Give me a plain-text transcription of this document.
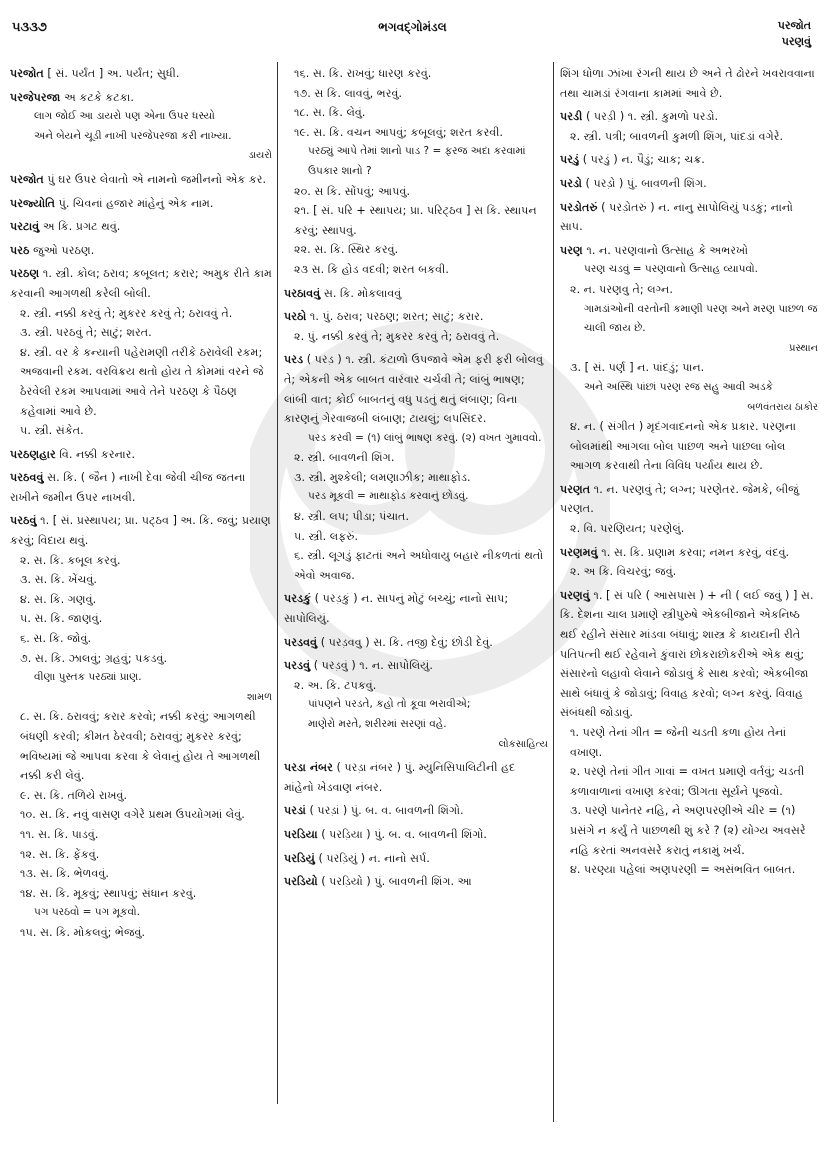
૫૩૩૭	ભગવદ્ગોમંડલ	પરજોત
પરણવું
પરજોત [ સં. પર્યંત ] અ. પર્યંત; સુધી.
પરજેપરજા અ કટકે કટકા.
લાગ જોઈ આ ડાયરો પણ એના ઉપર ધસ્યો
અને બેયને ચૂડી નાખી પરજેપરજા કરી નાખ્યા.
ડાયરો
પરજોત પું ઘર ઉપર લેવાતો એ નામનો જમીનનો એક કર.
પરજ્યોતિ પું. ચિવનાં હજાર માંહેનું એક નામ.
પરટાવું અ કિ. પ્રગટ થવું.
પરઠ જુઓ પરઠણ.
પરઠણ ૧. સ્ત્રી. કોલ; ઠરાવ; કબૂલત; કરાર; અમુક રીતે કામ કરવાની આગળથી કરેલી બોલી.
૨. સ્ત્રી. નક્કી કરવું તે; મુકરર કરવું તે; ઠરાવવું તે.
૩. સ્ત્રી. પરઠવું તે; સાટું; શરત.
૪. સ્ત્રી. વર કે કન્યાની પહેરામણી તરીકે ઠરાવેલી રકમ; અજવાની રકમ. વરવિક્રય થતો હોય તે કોમમાં વરને જે ઠેરવેલી રકમ આપવામાં આવે તેને પરઠણ કે પૈઠણ કહેવામાં આવે છે.
૫. સ્ત્રી. સંકેત.
પરઠણહાર વિ. નક્કી કરનાર.
પરઠવવું સ. કિ. ( જૈન ) નાખી દેવા જેવી ચીજ જતના રાખીને જમીન ઉપર નાખવી.
પરઠવું ૧. [ સં. પ્રસ્થાપય; પ્રા. પટ્ઠવ ] અ. કિ. જવું; પ્રયાણ કરવું; વિદાય થવું.
૨. સ. કિ. કબૂલ કરવું.
૩. સ. કિ. ખેંચવું.
૪. સ. કિ. ગણવું.
૫. સ. કિ. જાણવું.
૬. સ. કિ. જોવું.
૭. સ. કિ. ઝાલવું; ગ્રહવું; પકડવું.
વીણા પુસ્તક પરઠ્યાં પ્રાણ.
શામળ
૮. સ. કિ. ઠરાવવું; કરાર કરવો; નક્કી કરવું; આગળથી બંધણી કરવી; કીમત ઠેરવવી; ઠરાવવું; મુકરર કરવું; ભવિષ્યમાં જે આપવા કરવા કે લેવાનું હોય તે આગળથી નક્કી કરી લેવું.
૯. સ. કિ. તળિયે રાખવું.
૧૦. સ. કિ. નવું વાસણ વગેરે પ્રથમ ઉપયોગમાં લેવું.
૧૧. સ. કિ. પાડવું.
૧૨. સ. કિ. ફેંકવું.
૧૩. સ. કિ. ભેળવવું.
૧૪. સ. કિ. મૂકવું; સ્થાપવું; સંધાન કરવું.
પગ પરઠવો = પગ મૂકવો.
૧૫. સ. કિ. મોકલવું; ભેજવું.
૧૬. સ. કિ. રાખવું; ધારણ કરવું.
૧૭. સ કિ. લાવવું, ભરવું.
૧૮. સ. કિ. લેવું.
૧૯. સ. કિ. વચન આપવું; કબૂલવું; શરત કરવી.
પરઠ્યું આપે તેમાં શાનો પાડ ? = ફરજ અદા કરવામાં ઉપકાર શાનો ?
૨૦. સ કિ. સોંપવું; આપવું.
૨૧. [ સં. પરિ + સ્થાપય; પ્રા. પરિટ્ઠવ ] સ કિ. સ્થાપન કરવું; સ્થાપવું.
૨૨. સ. કિ. સ્થિર કરવું.
૨૩ સ. કિ હોડ વદવી; શરત બકવી.
પરઠાવવું સ. કિ. મોકલાવવું
પરઠો ૧. પું. ઠરાવ; પરઠણ; શરત; સાટું; કરાર.
૨. પું. નક્કી કરવું તે; મુકરર કરવું તે; ઠરાવવું તે.
પરડ ( પરડ઼ ) ૧. સ્ત્રી. કંટાળો ઉપજાવે એમ ફરી ફરી બોલવું તે; એકની એક બાબત વારંવાર ચર્ચવી તે; લાંબું ભાષણ; લાંબી વાત; કોઈ બાબતનું વધુ પડતું થતું લંબાણ; વિના કારણનું ગેરવાજબી લંબાણ; ટાયલું; લપસિંદર.
પરડ કરવી = (૧) લાંબું ભાષણ કરવું. (૨) વખત ગુમાવવો.
૨. સ્ત્રી. બાવળની શિંગ.
૩. સ્ત્રી. મુશ્કેલી; લમણાઝીક; માથાફોડ.
પરડ મૂકવી = માથાફોડ કરવાનું છોડવું.
૪. સ્ત્રી. લપ; પીડા; પંચાત.
૫. સ્ત્રી. લફરું.
૬. સ્ત્રી. લૂગડું ફાટતાં અને અધોવાયુ બહાર નીકળતાં થતો એવો અવાજ.
પરડકું ( પરડ઼કું ) ન. સાપનું મોટું બચ્ચું; નાનો સાપ; સાપોલિયું.
પરડવવું ( પરડ઼વવુ ) સ. કિ. તજી દેવું; છોડી દેવું.
પરડવું ( પરડ઼વું ) ૧. ન. સાપોલિયું.
૨. અ. કિ. ટપકવું.
પાંપણને પરડતે, કહો તો કૂવા ભરાવીએ;
માણેરો મરતે, શરીરમાં સરણાં વહે.
લોકસાહિત્ય
પરડા નંબર ( પરડ઼ા નંબર ) પું. મ્યુનિસિપાલિટીની હદ માંહેનો ખેડવાણ નંબર.
પરડાં ( પરડ઼ાં ) પું. બ. વ. બાવળની શિંગો.
પરડિયા ( પરડ઼િયા ) પું. બ. વ. બાવળની શિંગો.
પરડિયું ( પરડ઼િયું ) ન. નાનો સર્પ.
પરડિયો ( પરડ઼િયો ) પું. બાવળની શિંગ. આ
શિંગ ધોળા ઝાંખા રંગની થાય છે અને તે ઢોરને ખવરાવવાના તથા ચામડાં રંગવાના કામમાં આવે છે.
પરડી ( પરડ઼ી ) ૧. સ્ત્રી. કુમળો પરડો.
૨. સ્ત્રી. પત્રી; બાવળની કુમળી શિંગ, પાંદડાં વગેરે.
પરડું ( પરડ઼ું ) ન. પૈડું; ચાક; ચક્ર.
પરડો ( પરડ઼ો ) પું. બાવળની શિંગ.
પરડોતરું ( પરડ઼ોતરું ) ન. નાનુ સાપોલિયું પડકું; નાનો સાપ.
પરણ ૧. ન. પરણવાનો ઉત્સાહ કે અભરખો
પરણ ચડવું = પરણવાનો ઉત્સાહ વ્યાપવો.
૨. ન. પરણવુ તે; લગ્ન.
ગામડાંઓની વરતોની કમાણી પરણ અને મરણ પાછળ જ ચાલી જાય છે.
પ્રસ્થાન
૩. [ સં. પર્ણ ] ન. પાંદડું; પાન.
અને અસ્થિ પાંછાં પરણ રજ સહુ આવી અડકે
બળવંતરાય ઠાકોર
૪. ન. ( સંગીત ) મૃદંગવાદનનો એક પ્રકાર. પરણના બોલમાંથી આગલા બોલ પાછળ અને પાછલા બોલ આગળ કરવાથી તેના વિવિધ પર્યાય થાય છે.
પરણત ૧. ન. પરણવું તે; લગ્ન; પરણેતર. જેમકે, બીજું પરણત.
૨. વિ. પરણિયત; પરણેલું.
પરણમવું ૧. સ. કિ. પ્રણામ કરવા; નમન કરવું, વંદવું.
૨. અ કિ. વિચરવું; જવું.
પરણવું ૧. [ સં પરિ ( આસપાસ ) + ની ( લઈ જવું ) ] સ. કિ. દેશના ચાલ પ્રમાણે સ્ત્રીપુરુષે એકબીજાને એકનિષ્ઠ થઈ રહીને સંસાર માંડવા બંધાવું; શાસ્ત્ર કે કાયદાની રીતે પતિપત્ની થઈ રહેવાને કુંવારાં છોકરાછોકરીએ એક થવું; સંસારનો લહાવો લેવાને જોડાવું કે સાથ કરવો; એકબીજા સાથે બંધાવું કે જોડાવું; વિવાહ કરવો; લગ્ન કરવું. વિવાહ સંબંધથી જોડાવું.
૧. પરણે તેનાં ગીત = જેની ચડતી કળા હોય તેનાં વખાણ.
૨. પરણે તેનાં ગીત ગાવાં = વખત પ્રમાણે વર્તવું; ચડતી કળાવાળાનાં વખાણ કરવાં; ઊગતા સૂર્યને પૂજવો.
૩. પરણે પાનેતર નહિ, ને અણપરણીએ ચીર = (૧) પ્રસંગે ન કર્યું તે પાછળથી શું કરે ? (૨) યોગ્ય અવસરે નહિ કરતાં અનવસરે કરાતું નકામું ખર્ચ.
૪. પરણ્યા પહેલાં અણપરણી = અસંભવિત બાબત.
